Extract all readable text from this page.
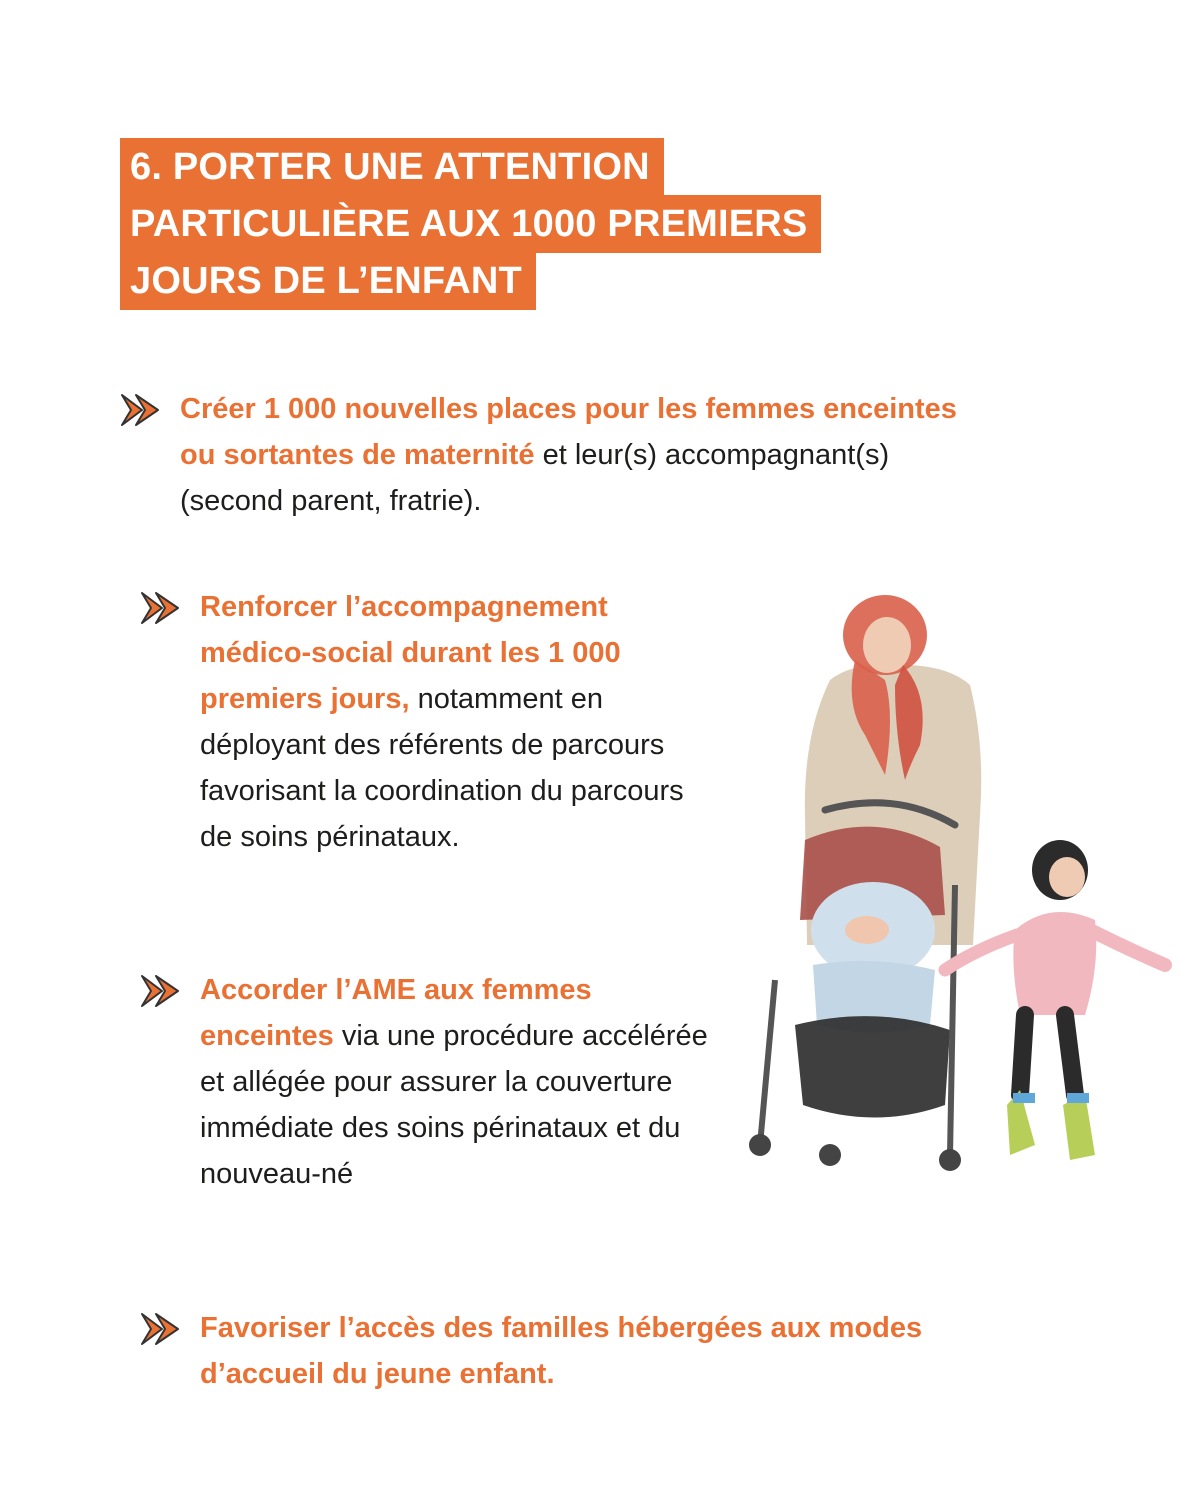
6. PORTER UNE ATTENTION
PARTICULIÈRE AUX 1000 PREMIERS
JOURS DE L’ENFANT
Créer 1 000 nouvelles places pour les femmes enceintes ou sortantes de maternité et leur(s) accompagnant(s) (second parent, fratrie).
Renforcer l’accompagnement médico-social durant les 1 000 premiers jours, notamment en déployant des référents de parcours favorisant la coordination du parcours de soins périnataux.
Accorder l’AME aux femmes enceintes via une procédure accélérée et allégée pour assurer la couverture immédiate des soins périnataux et du nouveau-né
Favoriser l’accès des familles hébergées aux modes d’accueil du jeune enfant.
